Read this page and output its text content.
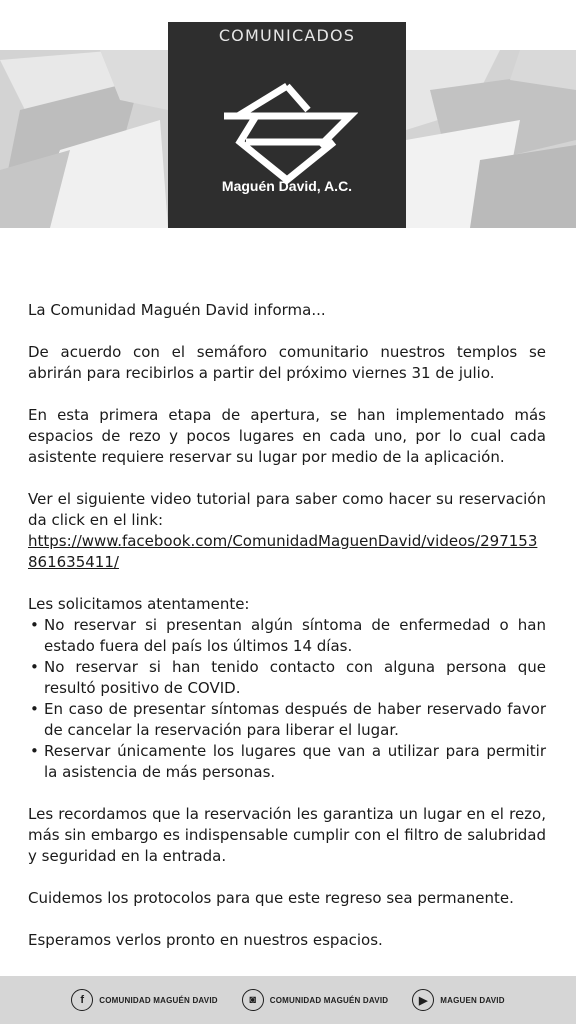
COMUNICADOS
Maguén David, A.C.

La Comunidad Maguén David informa...

De acuerdo con el semáforo comunitario nuestros templos se abrirán para recibirlos a partir del próximo viernes 31 de julio.

En esta primera etapa de apertura, se han implementado más espacios de rezo y pocos lugares en cada uno, por lo cual cada asistente requiere reservar su lugar por medio de la aplicación.

Ver el siguiente video tutorial para saber como hacer su reservación da click en el link:

https://www.facebook.com/ComunidadMaguenDavid/videos/297153861635411/

Les solicitamos atentamente:

• No reservar si presentan algún síntoma de enfermedad o han estado fuera del país los últimos 14 días.
• No reservar si han tenido contacto con alguna persona que resultó positivo de COVID.
• En caso de presentar síntomas después de haber reservado favor de cancelar la reservación para liberar el lugar.
• Reservar únicamente los lugares que van a utilizar para permitir la asistencia de más personas.

Les recordamos que la reservación les garantiza un lugar en el rezo, más sin embargo es indispensable cumplir con el filtro de salubridad y seguridad en la entrada.

Cuidemos los protocolos para que este regreso sea permanente.

Esperamos verlos pronto en nuestros espacios.

f	COMUNIDAD MAGUÉN DAVID	◙	COMUNIDAD MAGUÉN DAVID	▶	MAGUEN DAVID
